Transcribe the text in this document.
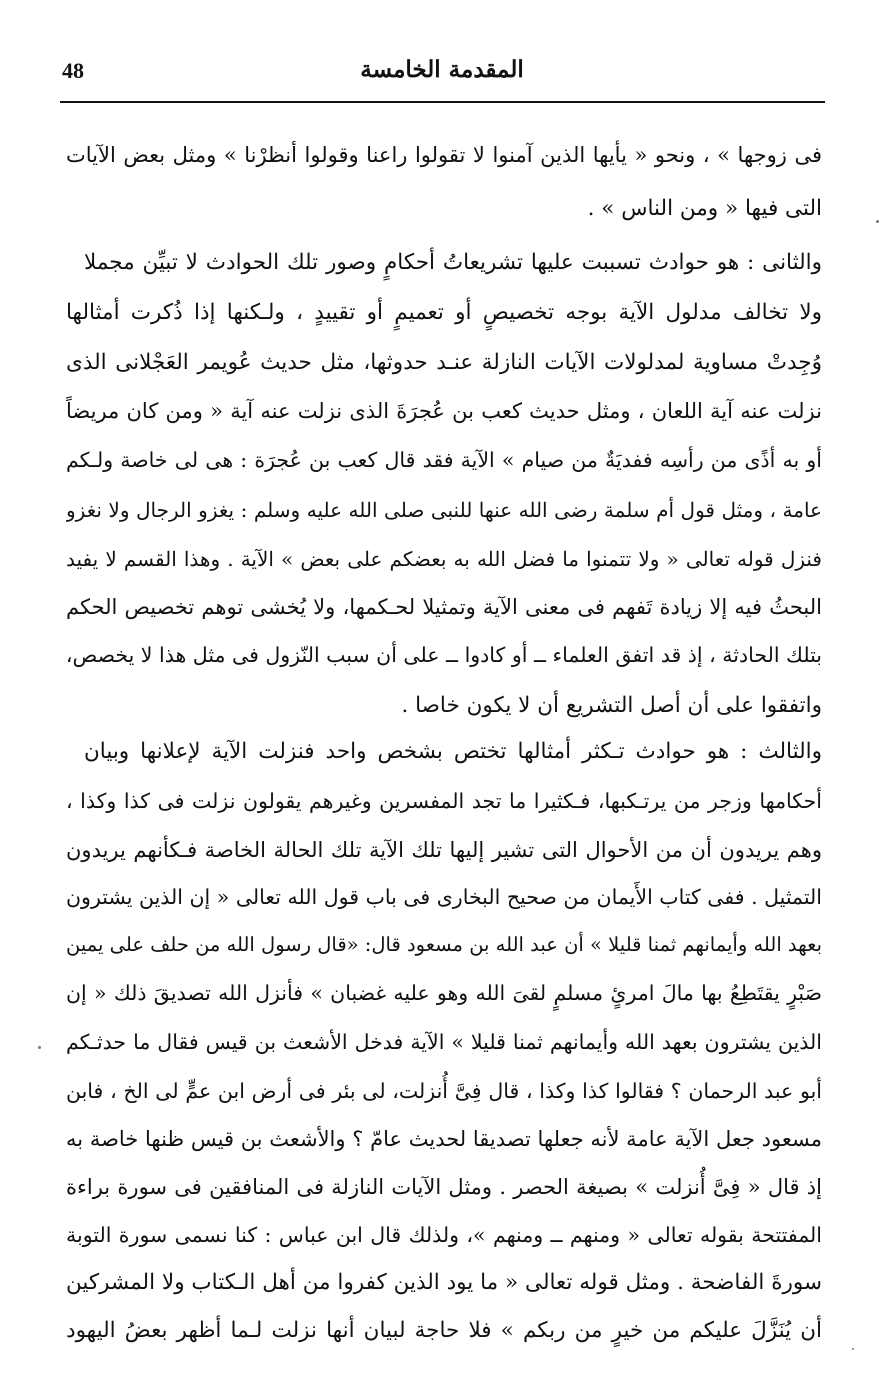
48	المقدمة الخامسة
فى زوجها » ، ونحو « يأيها الذين آمنوا لا تقولوا راعنا وقولوا أنظرْنا » ومثل بعض الآيات
التى فيها « ومن الناس » .
والثانى : هو حوادث تسببت عليها تشريعاتُ أحكامٍ وصور تلك الحوادث لا تبيِّن مجملا
ولا تخالف مدلول الآية بوجه تخصيصٍ أو تعميمٍ أو تقييدٍ ، ولـكنها إذا ذُكرت أمثالها
وُجِدتْ مساوية لمدلولات الآيات النازلة عنـد حدوثها، مثل حديث عُويمر العَجْلانى الذى
نزلت عنه آية اللعان ، ومثل حديث كعب بن عُجرَةَ الذى نزلت عنه آية « ومن كان مريضاً
أو به أذًى من رأسِه ففديَةٌ من صيام » الآية فقد قال كعب بن عُجرَة : هى لى خاصة ولـكم
عامة ، ومثل قول أم سلمة رضى الله عنها للنبى صلى الله عليه وسلم : يغزو الرجال ولا نغزو
فنزل قوله تعالى « ولا تتمنوا ما فضل الله به بعضكم على بعض » الآية . وهذا القسم لا يفيد
البحثُ فيه إلا زيادة تَفهم فى معنى الآية وتمثيلا لحـكمها، ولا يُخشى توهم تخصيص الحكم
بتلك الحادثة ، إذ قد اتفق العلماء ــ أو كادوا ــ على أن سبب النّزول فى مثل هذا لا يخصص،
واتفقوا على أن أصل التشريع أن لا يكون خاصا .
والثالث : هو حوادث تـكثر أمثالها تختص بشخص واحد فنزلت الآية لإعلانها وبيان
أحكامها وزجر من يرتـكبها، فـكثيرا ما تجد المفسرين وغيرهم يقولون نزلت فى كذا وكذا ،
وهم يريدون أن من الأحوال التى تشير إليها تلك الآية تلك الحالة الخاصة فـكأنهم يريدون
التمثيل . ففى كتاب الأَيمان من صحيح البخارى فى باب قول الله تعالى « إن الذين يشترون
بعهد الله وأيمانهم ثمنا قليلا » أن عبد الله بن مسعود قال: «قال رسول الله من حلف على يمين
صَبْرٍ يقتَطِعُ بها مالَ امرئٍ مسلمٍ لقىَ الله وهو عليه غضبان » فأنزل الله تصديقَ ذلك « إن
الذين يشترون بعهد الله وأيمانهم ثمنا قليلا » الآية فدخل الأشعث بن قيس فقال ما حدثـكم
أبو عبد الرحمان ؟ فقالوا كذا وكذا ، قال فِىَّ أُنزلت، لى بئر فى أرض ابن عمٍّ لى الخ ، فابن
مسعود جعل الآية عامة لأنه جعلها تصديقا لحديث عامّ ؟ والأشعث بن قيس ظنها خاصة به
إذ قال « فِىَّ أُنزلت » بصيغة الحصر . ومثل الآيات النازلة فى المنافقين فى سورة براءة
المفتتحة بقوله تعالى « ومنهم ــ ومنهم »، ولذلك قال ابن عباس : كنا نسمى سورة التوبة
سورةَ الفاضحة . ومثل قوله تعالى « ما يود الذين كفروا من أهل الـكتاب ولا المشركين
أن يُنَزَّلَ عليكم من خيرٍ من ربكم » فلا حاجة لبيان أنها نزلت لـما أظهر بعضُ اليهود
